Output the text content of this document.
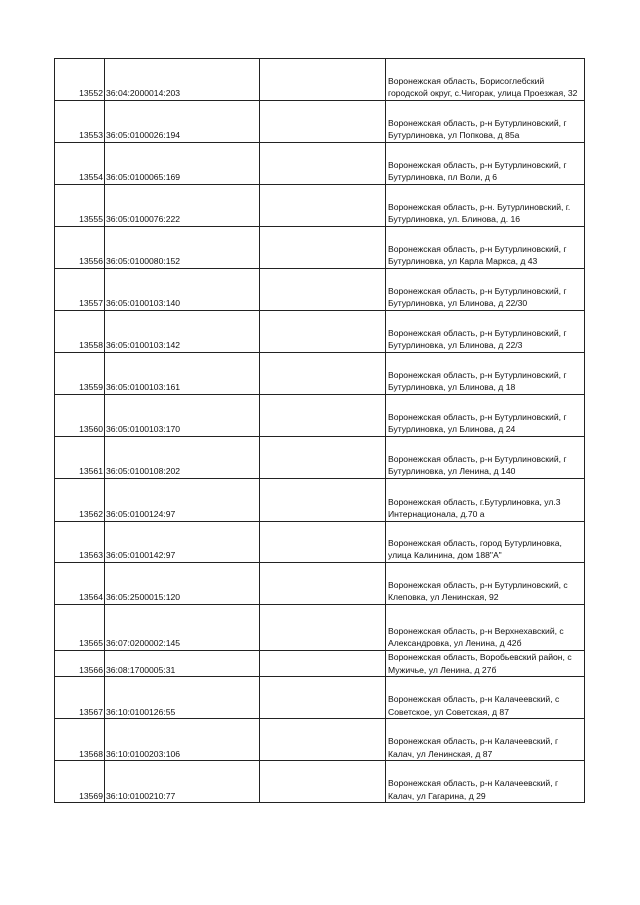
13552	36:04:2000014:203		Воронежская область, Борисоглебский городской округ, с.Чигорак, улица Проезжая, 32
13553	36:05:0100026:194		Воронежская область, р-н Бутурлиновский, г Бутурлиновка, ул Попкова, д 85а
13554	36:05:0100065:169		Воронежская область, р-н Бутурлиновский, г Бутурлиновка, пл Воли, д 6
13555	36:05:0100076:222		Воронежская область, р-н. Бутурлиновский, г. Бутурлиновка, ул. Блинова, д. 16
13556	36:05:0100080:152		Воронежская область, р-н Бутурлиновский, г Бутурлиновка, ул Карла Маркса, д 43
13557	36:05:0100103:140		Воронежская область, р-н Бутурлиновский, г Бутурлиновка, ул Блинова, д 22/30
13558	36:05:0100103:142		Воронежская область, р-н Бутурлиновский, г Бутурлиновка, ул Блинова, д 22/3
13559	36:05:0100103:161		Воронежская область, р-н Бутурлиновский, г Бутурлиновка, ул Блинова, д 18
13560	36:05:0100103:170		Воронежская область, р-н Бутурлиновский, г Бутурлиновка, ул Блинова, д 24
13561	36:05:0100108:202		Воронежская область, р-н Бутурлиновский, г Бутурлиновка, ул Ленина, д 140
13562	36:05:0100124:97		Воронежская область, г.Бутурлиновка, ул.3 Интернационала, д.70 а
13563	36:05:0100142:97		Воронежская область, город Бутурлиновка, улица Калинина, дом 188"А"
13564	36:05:2500015:120		Воронежская область, р-н Бутурлиновский, с Клеповка, ул Ленинская, 92
13565	36:07:0200002:145		Воронежская область, р-н Верхнехавский, с Александровка, ул Ленина, д 42б
13566	36:08:1700005:31		Воронежская область, Воробьевский район, с Мужичье, ул Ленина, д 27б
13567	36:10:0100126:55		Воронежская область, р-н Калачеевский, с Советское, ул Советская, д 87
13568	36:10:0100203:106		Воронежская область, р-н Калачеевский, г Калач, ул Ленинская, д 87
13569	36:10:0100210:77		Воронежская область, р-н Калачеевский, г Калач, ул Гагарина, д 29
